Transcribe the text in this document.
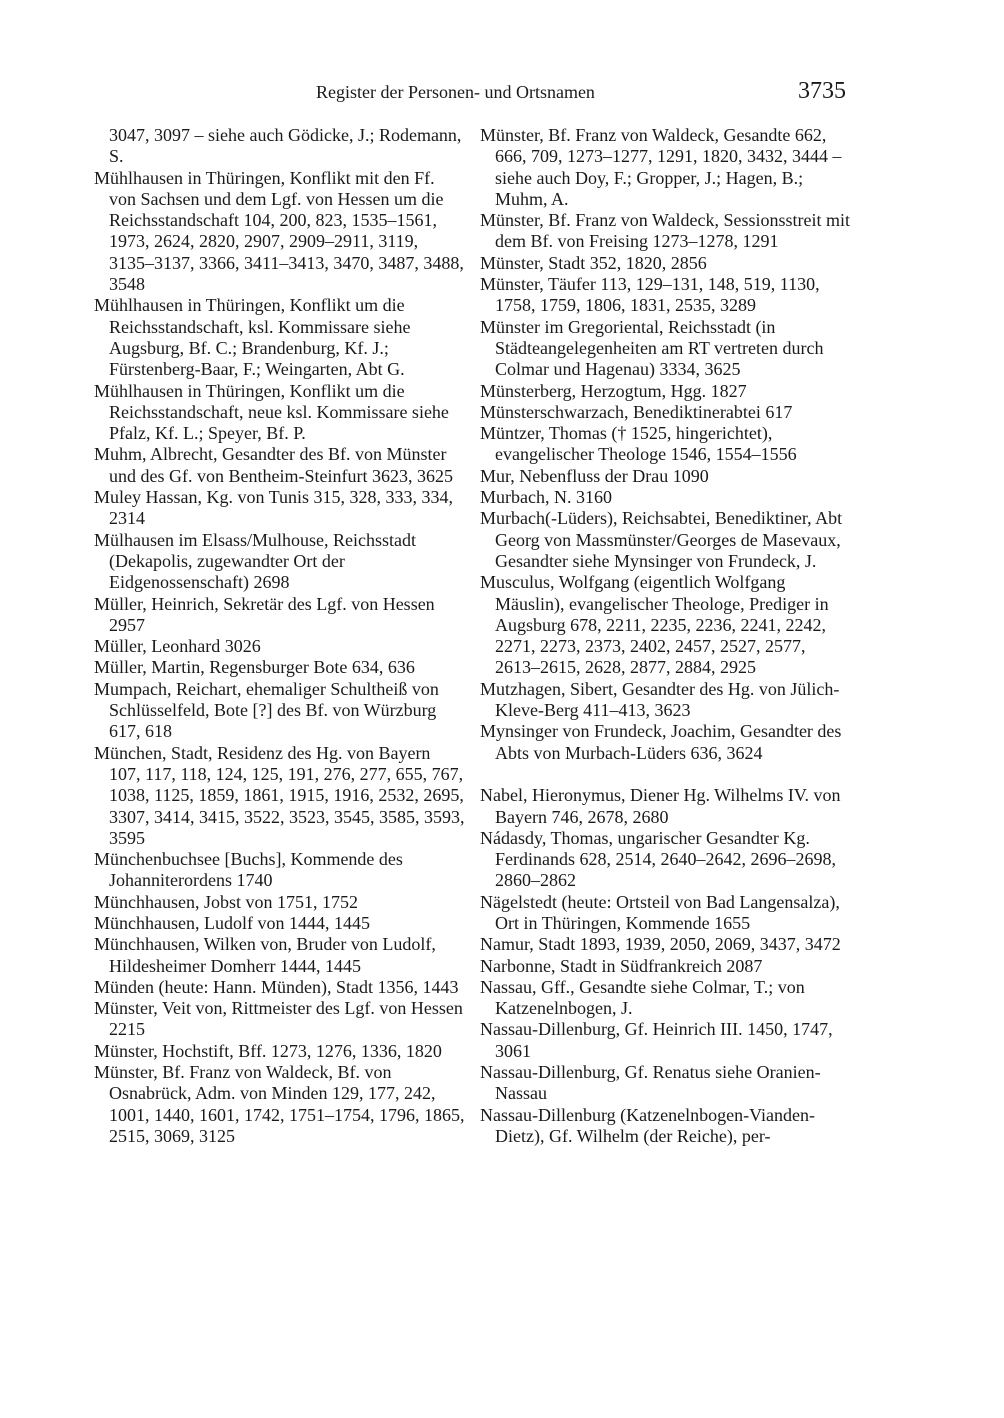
Register der Personen- und Ortsnamen	3735

3047, 3097 – siehe auch Gödicke, J.; Rodemann, S.

Mühlhausen in Thüringen, Konflikt mit den Ff. von Sachsen und dem Lgf. von Hessen um die Reichsstandschaft 104, 200, 823, 1535–1561, 1973, 2624, 2820, 2907, 2909–2911, 3119, 3135–3137, 3366, 3411–3413, 3470, 3487, 3488, 3548

Mühlhausen in Thüringen, Konflikt um die Reichsstandschaft, ksl. Kommissare siehe Augsburg, Bf. C.; Brandenburg, Kf. J.; Fürstenberg-Baar, F.; Weingarten, Abt G.

Mühlhausen in Thüringen, Konflikt um die Reichsstandschaft, neue ksl. Kommissare siehe Pfalz, Kf. L.; Speyer, Bf. P.

Muhm, Albrecht, Gesandter des Bf. von Münster und des Gf. von Bentheim-Steinfurt 3623, 3625

Muley Hassan, Kg. von Tunis 315, 328, 333, 334, 2314

Mülhausen im Elsass/Mulhouse, Reichsstadt (Dekapolis, zugewandter Ort der Eidgenossenschaft) 2698

Müller, Heinrich, Sekretär des Lgf. von Hessen 2957

Müller, Leonhard 3026

Müller, Martin, Regensburger Bote 634, 636

Mumpach, Reichart, ehemaliger Schultheiß von Schlüsselfeld, Bote [?] des Bf. von Würzburg 617, 618

München, Stadt, Residenz des Hg. von Bayern 107, 117, 118, 124, 125, 191, 276, 277, 655, 767, 1038, 1125, 1859, 1861, 1915, 1916, 2532, 2695, 3307, 3414, 3415, 3522, 3523, 3545, 3585, 3593, 3595

Münchenbuchsee [Buchs], Kommende des Johanniterordens 1740

Münchhausen, Jobst von 1751, 1752

Münchhausen, Ludolf von 1444, 1445

Münchhausen, Wilken von, Bruder von Ludolf, Hildesheimer Domherr 1444, 1445

Münden (heute: Hann. Münden), Stadt 1356, 1443

Münster, Veit von, Rittmeister des Lgf. von Hessen 2215

Münster, Hochstift, Bff. 1273, 1276, 1336, 1820

Münster, Bf. Franz von Waldeck, Bf. von Osnabrück, Adm. von Minden 129, 177, 242, 1001, 1440, 1601, 1742, 1751–1754, 1796, 1865, 2515, 3069, 3125

Münster, Bf. Franz von Waldeck, Gesandte 662, 666, 709, 1273–1277, 1291, 1820, 3432, 3444 – siehe auch Doy, F.; Gropper, J.; Hagen, B.; Muhm, A.

Münster, Bf. Franz von Waldeck, Sessionsstreit mit dem Bf. von Freising 1273–1278, 1291

Münster, Stadt 352, 1820, 2856

Münster, Täufer 113, 129–131, 148, 519, 1130, 1758, 1759, 1806, 1831, 2535, 3289

Münster im Gregoriental, Reichsstadt (in Städteangelegenheiten am RT vertreten durch Colmar und Hagenau) 3334, 3625

Münsterberg, Herzogtum, Hgg. 1827

Münsterschwarzach, Benediktinerabtei 617

Müntzer, Thomas († 1525, hingerichtet), evangelischer Theologe 1546, 1554–1556

Mur, Nebenfluss der Drau 1090

Murbach, N. 3160

Murbach(-Lüders), Reichsabtei, Benediktiner, Abt Georg von Massmünster/Georges de Masevaux, Gesandter siehe Mynsinger von Frundeck, J.

Musculus, Wolfgang (eigentlich Wolfgang Mäuslin), evangelischer Theologe, Prediger in Augsburg 678, 2211, 2235, 2236, 2241, 2242, 2271, 2273, 2373, 2402, 2457, 2527, 2577, 2613–2615, 2628, 2877, 2884, 2925

Mutzhagen, Sibert, Gesandter des Hg. von Jülich-Kleve-Berg 411–413, 3623

Mynsinger von Frundeck, Joachim, Gesandter des Abts von Murbach-Lüders 636, 3624

Nabel, Hieronymus, Diener Hg. Wilhelms IV. von Bayern 746, 2678, 2680

Nádasdy, Thomas, ungarischer Gesandter Kg. Ferdinands 628, 2514, 2640–2642, 2696–2698, 2860–2862

Nägelstedt (heute: Ortsteil von Bad Langensalza), Ort in Thüringen, Kommende 1655

Namur, Stadt 1893, 1939, 2050, 2069, 3437, 3472

Narbonne, Stadt in Südfrankreich 2087

Nassau, Gff., Gesandte siehe Colmar, T.; von Katzenelnbogen, J.

Nassau-Dillenburg, Gf. Heinrich III. 1450, 1747, 3061

Nassau-Dillenburg, Gf. Renatus siehe Oranien-Nassau

Nassau-Dillenburg (Katzenelnbogen-Vianden-Dietz), Gf. Wilhelm (der Reiche), per-
